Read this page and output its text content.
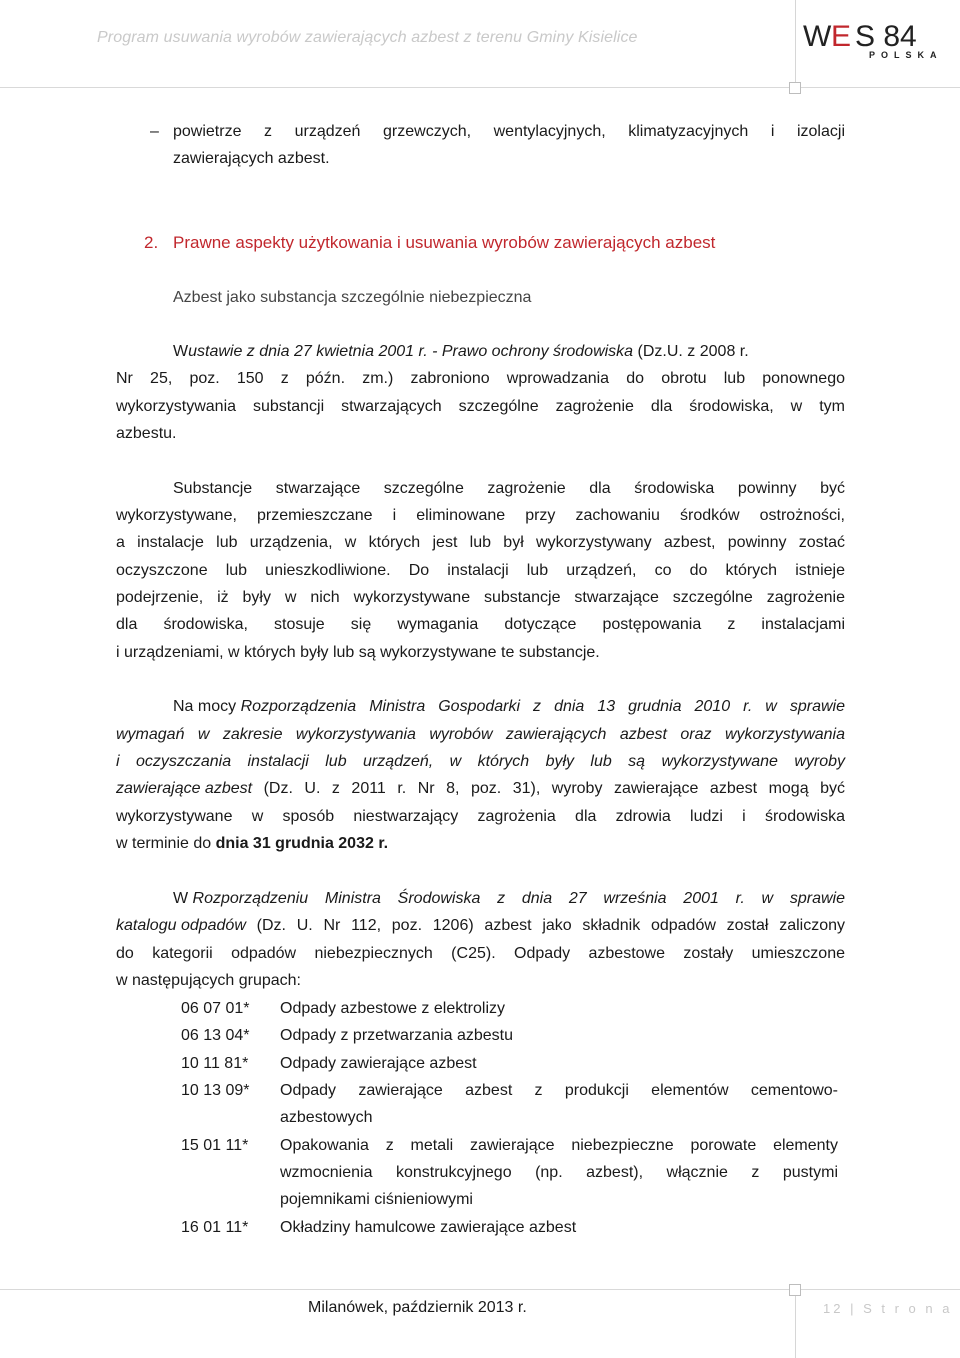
Program usuwania wyrobów zawierających azbest z terenu Gminy Kisielice	W
E S 84
POLSKA
– powietrze z urządzeń grzewczych, wentylacyjnych, klimatyzacyjnych i izolacji
zawierających azbest.
2. Prawne aspekty użytkowania i usuwania wyrobów zawierających azbest
Azbest jako substancja szczególnie niebezpieczna
W ustawie z dnia 27 kwietnia 2001 r. - Prawo ochrony środowiska (Dz.U. z 2008 r.
Nr 25, poz. 150 z późn. zm.) zabroniono wprowadzania do obrotu lub ponownego
wykorzystywania substancji stwarzających szczególne zagrożenie dla środowiska, w tym
azbestu.
Substancje stwarzające szczególne zagrożenie dla środowiska powinny być
wykorzystywane, przemieszczane i eliminowane przy zachowaniu środków ostrożności,
a instalacje lub urządzenia, w których jest lub był wykorzystywany azbest, powinny zostać
oczyszczone lub unieszkodliwione. Do instalacji lub urządzeń, co do których istnieje
podejrzenie, iż były w nich wykorzystywane substancje stwarzające szczególne zagrożenie
dla środowiska, stosuje się wymagania dotyczące postępowania z instalacjami
i urządzeniami, w których były lub są wykorzystywane te substancje.
Na mocy Rozporządzenia Ministra Gospodarki z dnia 13 grudnia 2010 r. w sprawie
wymagań w zakresie wykorzystywania wyrobów zawierających azbest oraz wykorzystywania
i oczyszczania instalacji lub urządzeń, w których były lub są wykorzystywane wyroby
zawierające azbest (Dz. U. z 2011 r. Nr 8, poz. 31), wyroby zawierające azbest mogą być
wykorzystywane w sposób niestwarzający zagrożenia dla zdrowia ludzi i środowiska
w terminie do dnia 31 grudnia 2032 r.
W Rozporządzeniu Ministra Środowiska z dnia 27 września 2001 r. w sprawie
katalogu odpadów (Dz. U. Nr 112, poz. 1206) azbest jako składnik odpadów został zaliczony
do kategorii odpadów niebezpiecznych (C25). Odpady azbestowe zostały umieszczone
w następujących grupach:
06 07 01* Odpady azbestowe z elektrolizy
06 13 04* Odpady z przetwarzania azbestu
10 11 81* Odpady zawierające azbest
10 13 09* Odpady zawierające azbest z produkcji elementów cementowo-
azbestowych
15 01 11* Opakowania z metali zawierające niebezpieczne porowate elementy
wzmocnienia konstrukcyjnego (np. azbest), włącznie z pustymi
pojemnikami ciśnieniowymi
16 01 11* Okładziny hamulcowe zawierające azbest
Milanówek, październik 2013 r.	12 | S t r o n a
